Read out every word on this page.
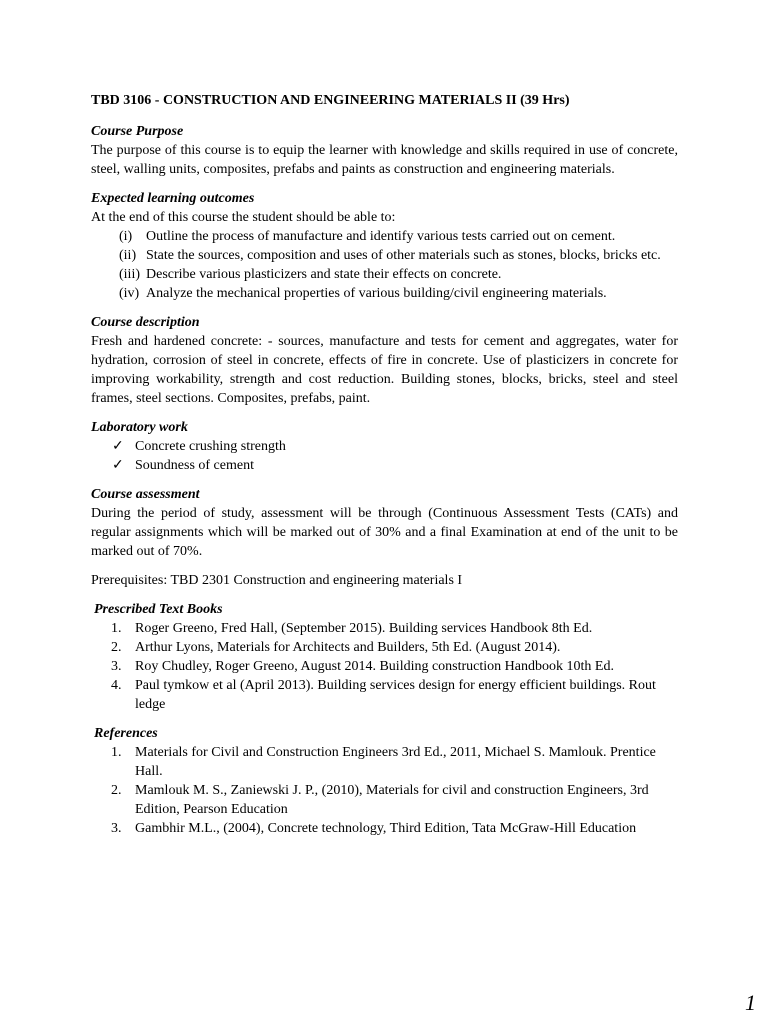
TBD 3106 - CONSTRUCTION AND ENGINEERING MATERIALS II (39 Hrs)
Course Purpose

The purpose of this course is to equip the learner with knowledge and skills required in use of concrete, steel, walling units, composites, prefabs and paints as construction and engineering materials.

Expected learning outcomes

At the end of this course the student should be able to:

(i) Outline the process of manufacture and identify various tests carried out on cement.
(ii) State the sources, composition and uses of other materials such as stones, blocks, bricks etc.
(iii) Describe various plasticizers and state their effects on concrete.
(iv) Analyze the mechanical properties of various building/civil engineering materials.
Course description

Fresh and hardened concrete: - sources, manufacture and tests for cement and aggregates, water for hydration, corrosion of steel in concrete, effects of fire in concrete. Use of plasticizers in concrete for improving workability, strength and cost reduction. Building stones, blocks, bricks, steel and steel frames, steel sections. Composites, prefabs, paint.

Laboratory work
✓ Concrete crushing strength
✓ Soundness of cement
Course assessment

During the period of study, assessment will be through (Continuous Assessment Tests (CATs) and regular assignments which will be marked out of 30% and a final Examination at end of the unit to be marked out of 70%.

Prerequisites: TBD 2301 Construction and engineering materials I

Prescribed Text Books
1. Roger Greeno, Fred Hall, (September 2015). Building services Handbook 8th Ed.
2. Arthur Lyons, Materials for Architects and Builders, 5th Ed. (August 2014).
3. Roy Chudley, Roger Greeno, August 2014. Building construction Handbook 10th Ed.
4. Paul tymkow et al (April 2013). Building services design for energy efficient buildings. Rout ledge
References
1. Materials for Civil and Construction Engineers 3rd Ed., 2011, Michael S. Mamlouk. Prentice Hall.
2. Mamlouk M. S., Zaniewski J. P., (2010), Materials for civil and construction Engineers, 3rd Edition, Pearson Education
3. Gambhir M.L., (2004), Concrete technology, Third Edition, Tata McGraw-Hill Education
1
